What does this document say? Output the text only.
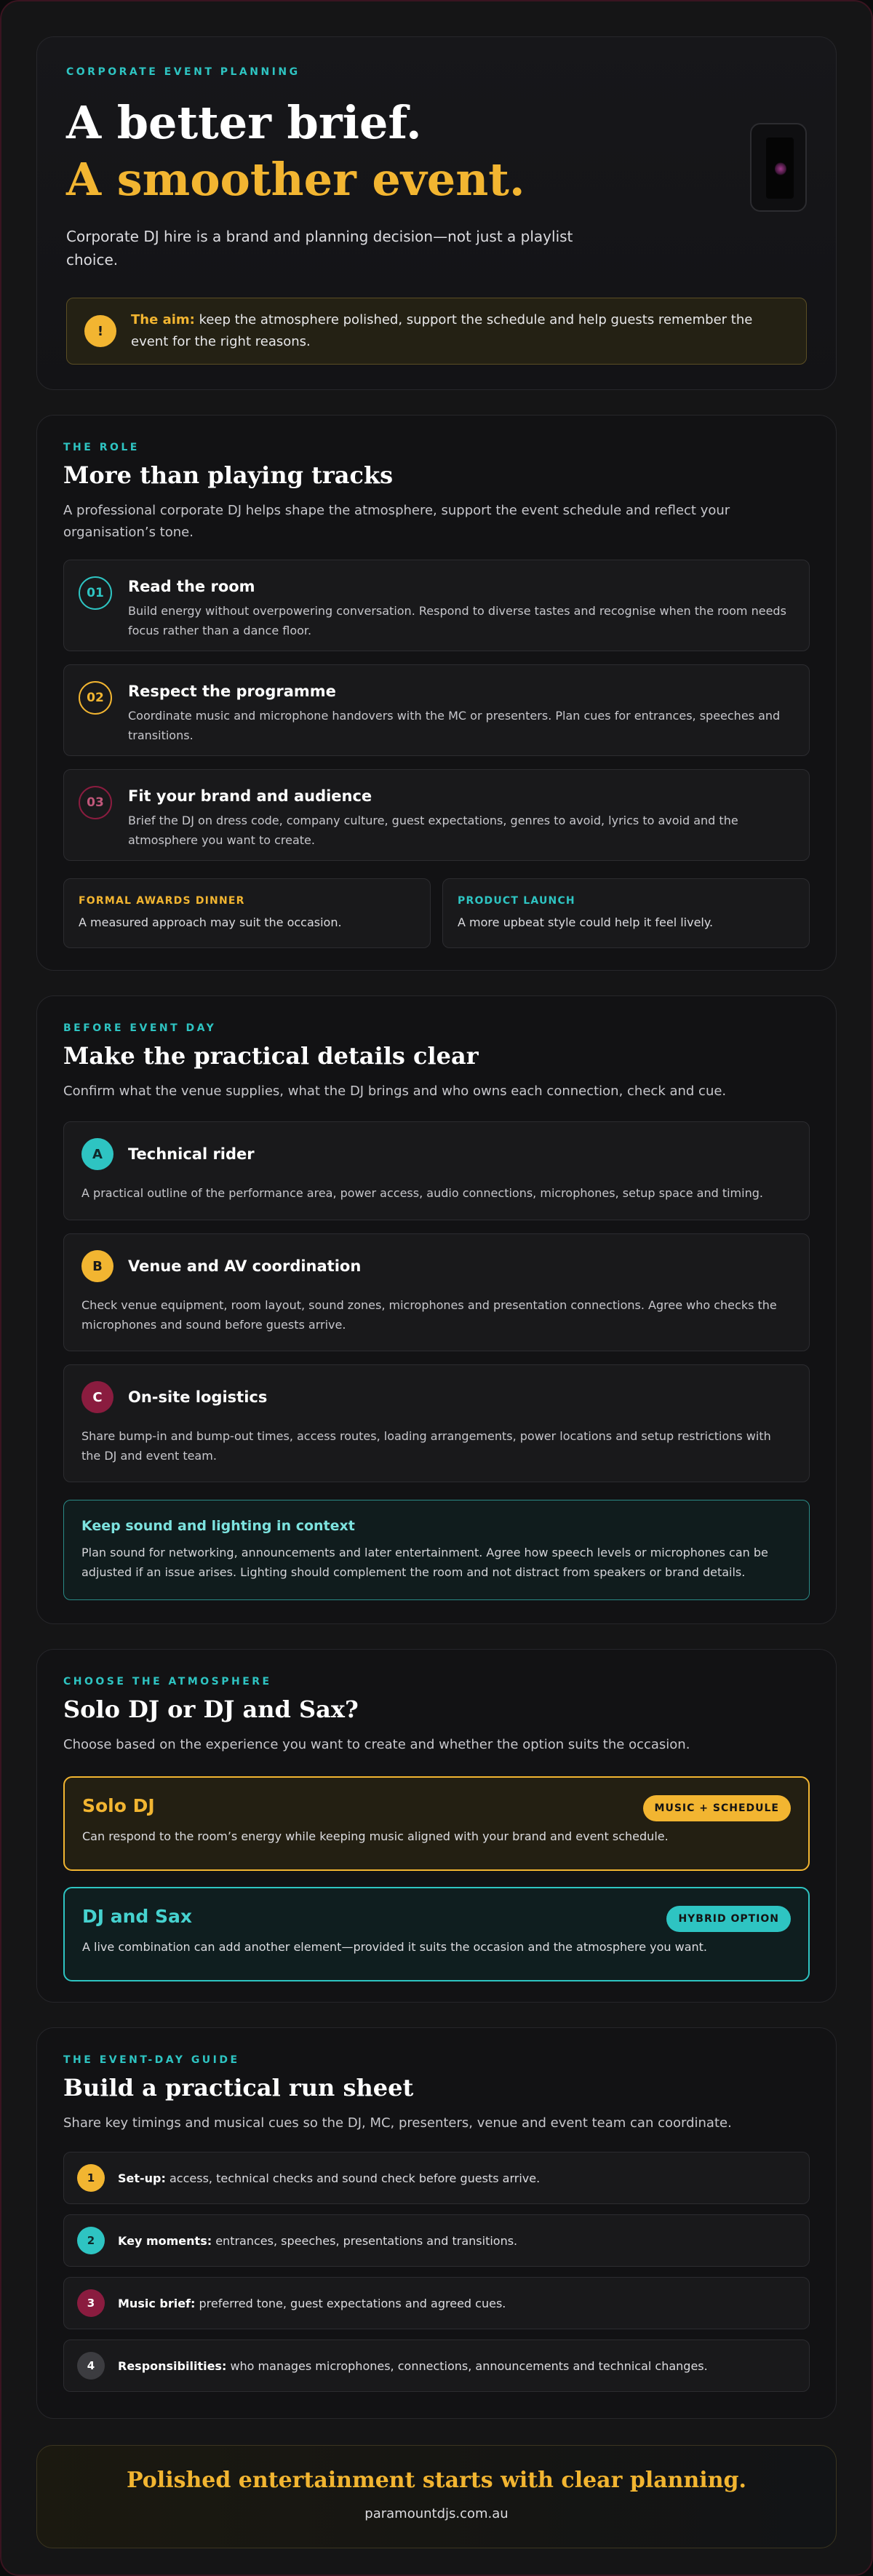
CORPORATE EVENT PLANNING
A better brief.
A smoother event.
Corporate DJ hire is a brand and planning decision—not just a playlist choice.
!
The aim: keep the atmosphere polished, support the schedule and help guests remember the event for the right reasons.
THE ROLE
More than playing tracks
A professional corporate DJ helps shape the atmosphere, support the event schedule and reflect your organisation’s tone.
01	Read the room
Build energy without overpowering conversation. Respond to diverse tastes and recognise when the room needs focus rather than a dance floor.
02	Respect the programme
Coordinate music and microphone handovers with the MC or presenters. Plan cues for entrances, speeches and transitions.
03	Fit your brand and audience
Brief the DJ on dress code, company culture, guest expectations, genres to avoid, lyrics to avoid and the atmosphere you want to create.
FORMAL AWARDS DINNER
A measured approach may suit the occasion.
PRODUCT LAUNCH
A more upbeat style could help it feel lively.
BEFORE EVENT DAY
Make the practical details clear
Confirm what the venue supplies, what the DJ brings and who owns each connection, check and cue.
A	Technical rider
A practical outline of the performance area, power access, audio connections, microphones, setup space and timing.
B	Venue and AV coordination
Check venue equipment, room layout, sound zones, microphones and presentation connections. Agree who checks the microphones and sound before guests arrive.
C	On-site logistics
Share bump-in and bump-out times, access routes, loading arrangements, power locations and setup restrictions with the DJ and event team.
Keep sound and lighting in context
Plan sound for networking, announcements and later entertainment. Agree how speech levels or microphones can be adjusted if an issue arises. Lighting should complement the room and not distract from speakers or brand details.
CHOOSE THE ATMOSPHERE
Solo DJ or DJ and Sax?
Choose based on the experience you want to create and whether the option suits the occasion.
Solo DJ	MUSIC + SCHEDULE
Can respond to the room’s energy while keeping music aligned with your brand and event schedule.
DJ and Sax	HYBRID OPTION
A live combination can add another element—provided it suits the occasion and the atmosphere you want.
THE EVENT-DAY GUIDE
Build a practical run sheet
Share key timings and musical cues so the DJ, MC, presenters, venue and event team can coordinate.
1	Set-up: access, technical checks and sound check before guests arrive.
2	Key moments: entrances, speeches, presentations and transitions.
3	Music brief: preferred tone, guest expectations and agreed cues.
4	Responsibilities: who manages microphones, connections, announcements and technical changes.
Polished entertainment starts with clear planning.
paramountdjs.com.au
